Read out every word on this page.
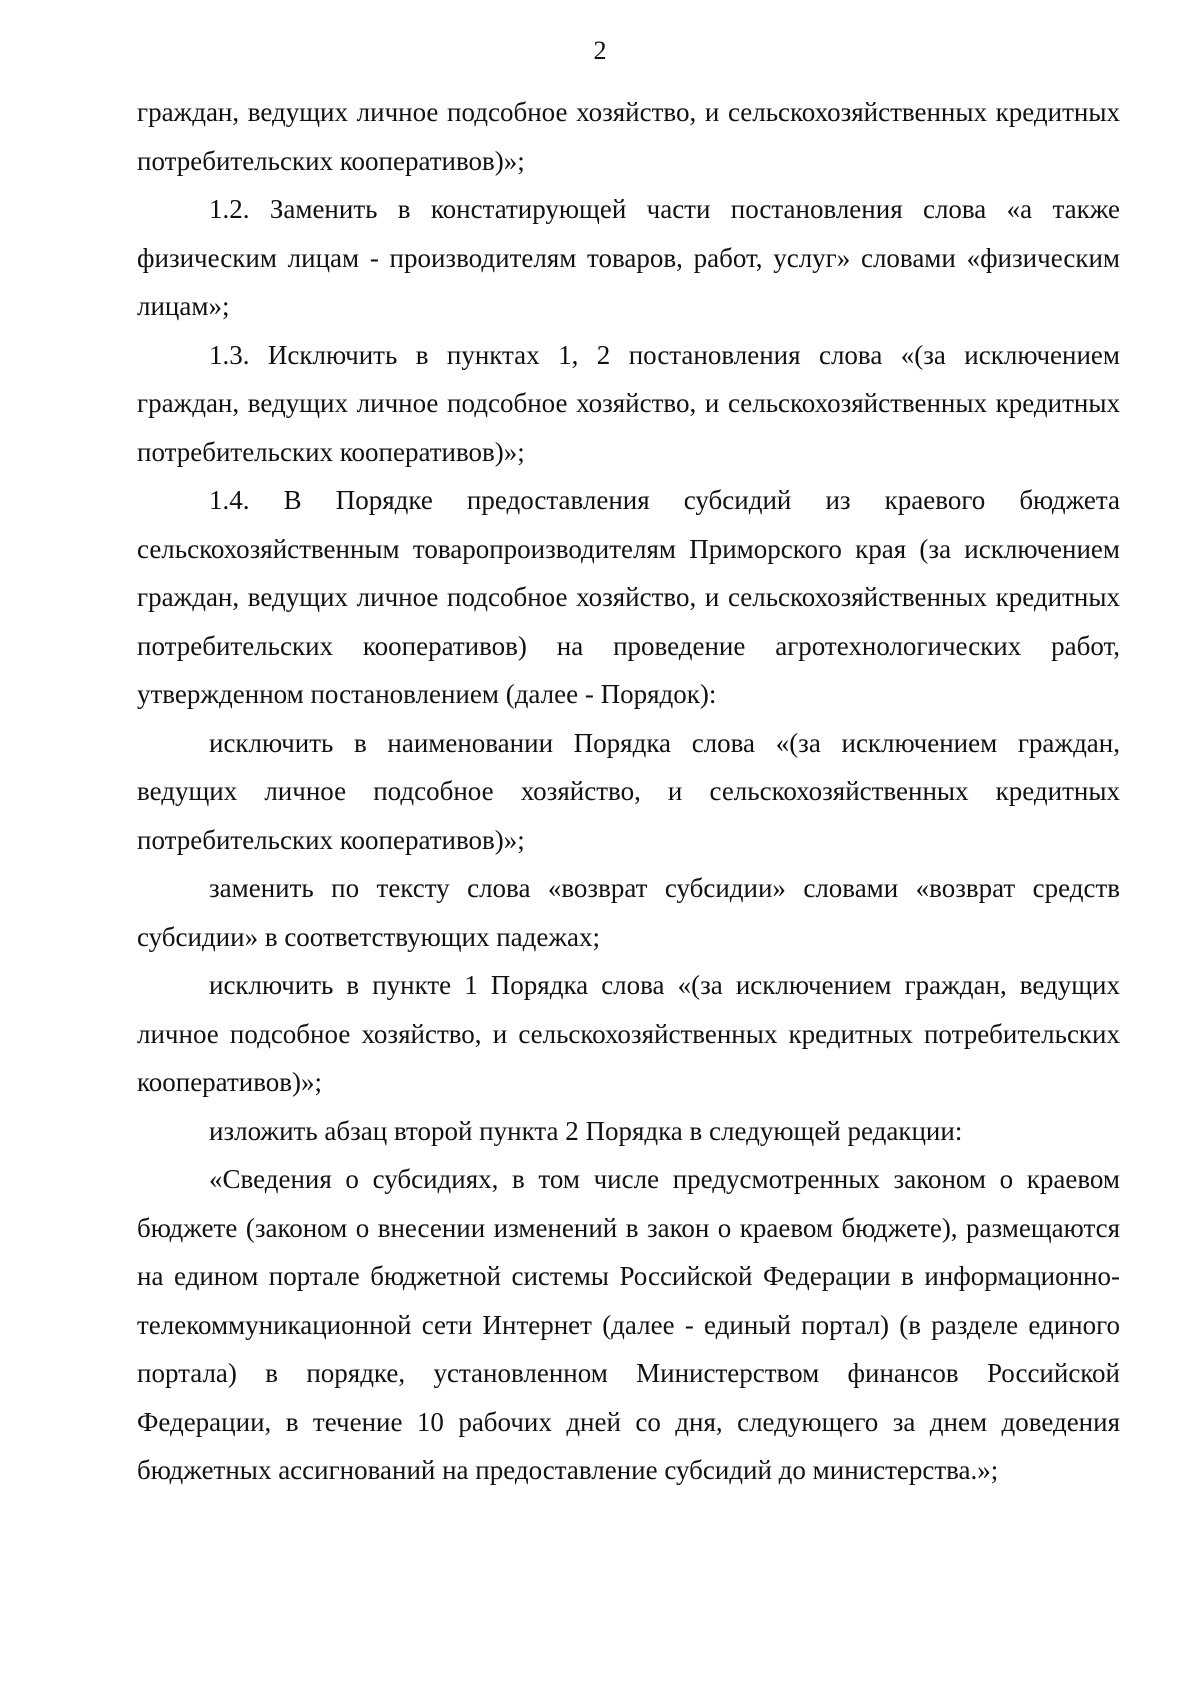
2

граждан, ведущих личное подсобное хозяйство, и сельскохозяйственных кредитных потребительских кооперативов)»;

1.2. Заменить в констатирующей части постановления слова «а также физическим лицам - производителям товаров, работ, услуг» словами «физическим лицам»;

1.3. Исключить в пунктах 1, 2 постановления слова «(за исключением граждан, ведущих личное подсобное хозяйство, и сельскохозяйственных кредитных потребительских кооперативов)»;

1.4. В Порядке предоставления субсидий из краевого бюджета сельскохозяйственным товаропроизводителям Приморского края (за исключением граждан, ведущих личное подсобное хозяйство, и сельскохозяйственных кредитных потребительских кооперативов) на проведение агротехнологических работ, утвержденном постановлением (далее - Порядок):

исключить в наименовании Порядка слова «(за исключением граждан, ведущих личное подсобное хозяйство, и сельскохозяйственных кредитных потребительских кооперативов)»;

заменить по тексту слова «возврат субсидии» словами «возврат средств субсидии» в соответствующих падежах;

исключить в пункте 1 Порядка слова «(за исключением граждан, ведущих личное подсобное хозяйство, и сельскохозяйственных кредитных потребительских кооперативов)»;

изложить абзац второй пункта 2 Порядка в следующей редакции:

«Сведения о субсидиях, в том числе предусмотренных законом о краевом бюджете (законом о внесении изменений в закон о краевом бюджете), размещаются на едином портале бюджетной системы Российской Федерации в информационно-телекоммуникационной сети Интернет (далее - единый портал) (в разделе единого портала) в порядке, установленном Министерством финансов Российской Федерации, в течение 10 рабочих дней со дня, следующего за днем доведения бюджетных ассигнований на предоставление субсидий до министерства.»;
